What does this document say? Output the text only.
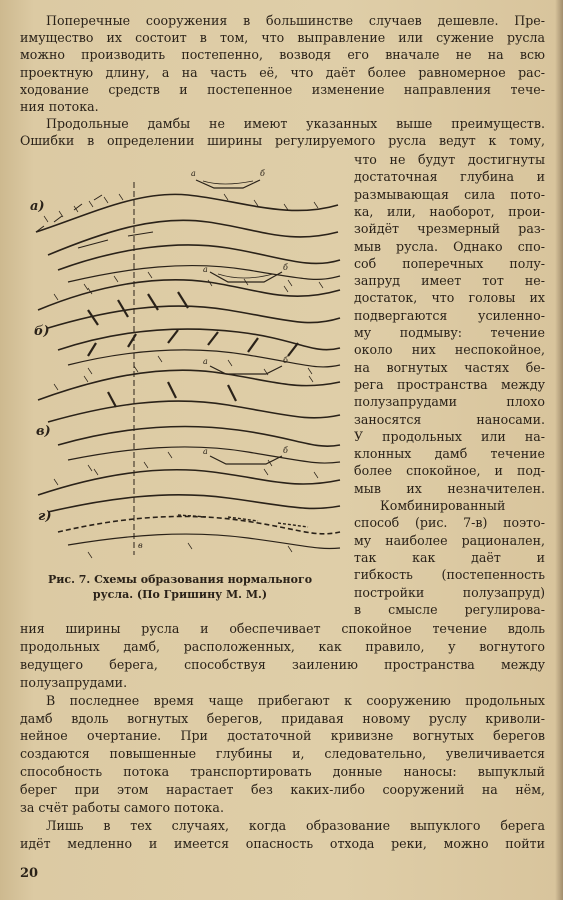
Поперечные сооружения в большинстве случаев дешевле. Пре-
имущество их состоит в том, что выправление или сужение русла
можно производить постепенно, возводя его вначале не на всю
проектную длину, а на часть её, что даёт более равномерное рас-
ходование средств и постепенное изменение направления тече-
ния потока.
Продольные дамбы не имеют указанных выше преимуществ.
Ошибки в определении ширины регулируемого русла ведут к тому,
что не будут достигнуты
достаточная глубина и
размывающая сила пото-
ка, или, наоборот, прои-
зойдёт чрезмерный раз-
мыв русла. Однако спо-
соб поперечных полу-
запруд имеет тот не-
достаток, что головы их
подвергаются усиленно-
му подмыву: течение
около них неспокойное,
на вогнутых частях бе-
рега пространства между
полузапрудами плохо
заносятся наносами.
У продольных или на-
клонных дамб течение
более спокойное, и под-
мыв их незначителен.
Комбинированный
способ (рис. 7-в) поэто-
му наиболее рационален,
так как даёт и
гибкость (постепенность
постройки полузапруд)
в смысле регулирова-
ния ширины русла и обеспечивает спокойное течение вдоль
продольных дамб, расположенных, как правило, у вогнутого
ведущего берега, способствуя заилению пространства между
полузапрудами.
В последнее время чаще прибегают к сооружению продольных
дамб вдоль вогнутых берегов, придавая новому руслу криволи-
нейное очертание. При достаточной кривизне вогнутых берегов
создаются повышенные глубины и, следовательно, увеличивается
способность потока транспортировать донные наносы: выпуклый
берег при этом нарастает без каких-либо сооружений на нём,
за счёт работы самого потока.
Лишь в тех случаях, когда образование выпуклого берега
идёт медленно и имеется опасность отхода реки, можно пойти
а)
б)
в)
г)
а	б
а	б
а	б
а	б
в
Рис. 7. Схемы образования нормального
русла. (По Гришину М. М.)
20
